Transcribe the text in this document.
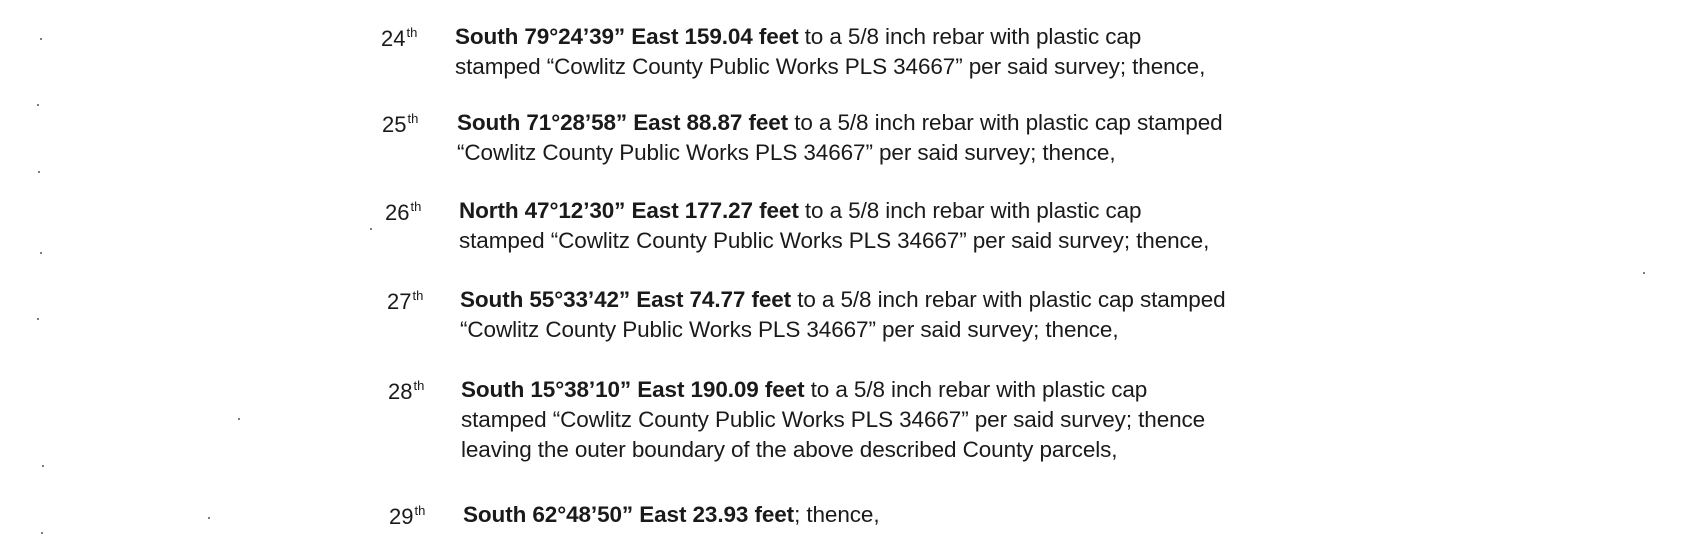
24th South 79°24’39” East 159.04 feet to a 5/8 inch rebar with plastic cap
stamped “Cowlitz County Public Works PLS 34667” per said survey; thence,
25th South 71°28’58” East 88.87 feet to a 5/8 inch rebar with plastic cap stamped
“Cowlitz County Public Works PLS 34667” per said survey; thence,
26th North 47°12’30” East 177.27 feet to a 5/8 inch rebar with plastic cap
stamped “Cowlitz County Public Works PLS 34667” per said survey; thence,
27th South 55°33’42” East 74.77 feet to a 5/8 inch rebar with plastic cap stamped
“Cowlitz County Public Works PLS 34667” per said survey; thence,
28th South 15°38’10” East 190.09 feet to a 5/8 inch rebar with plastic cap
stamped “Cowlitz County Public Works PLS 34667” per said survey; thence
leaving the outer boundary of the above described County parcels,
29th South 62°48’50” East 23.93 feet; thence,
